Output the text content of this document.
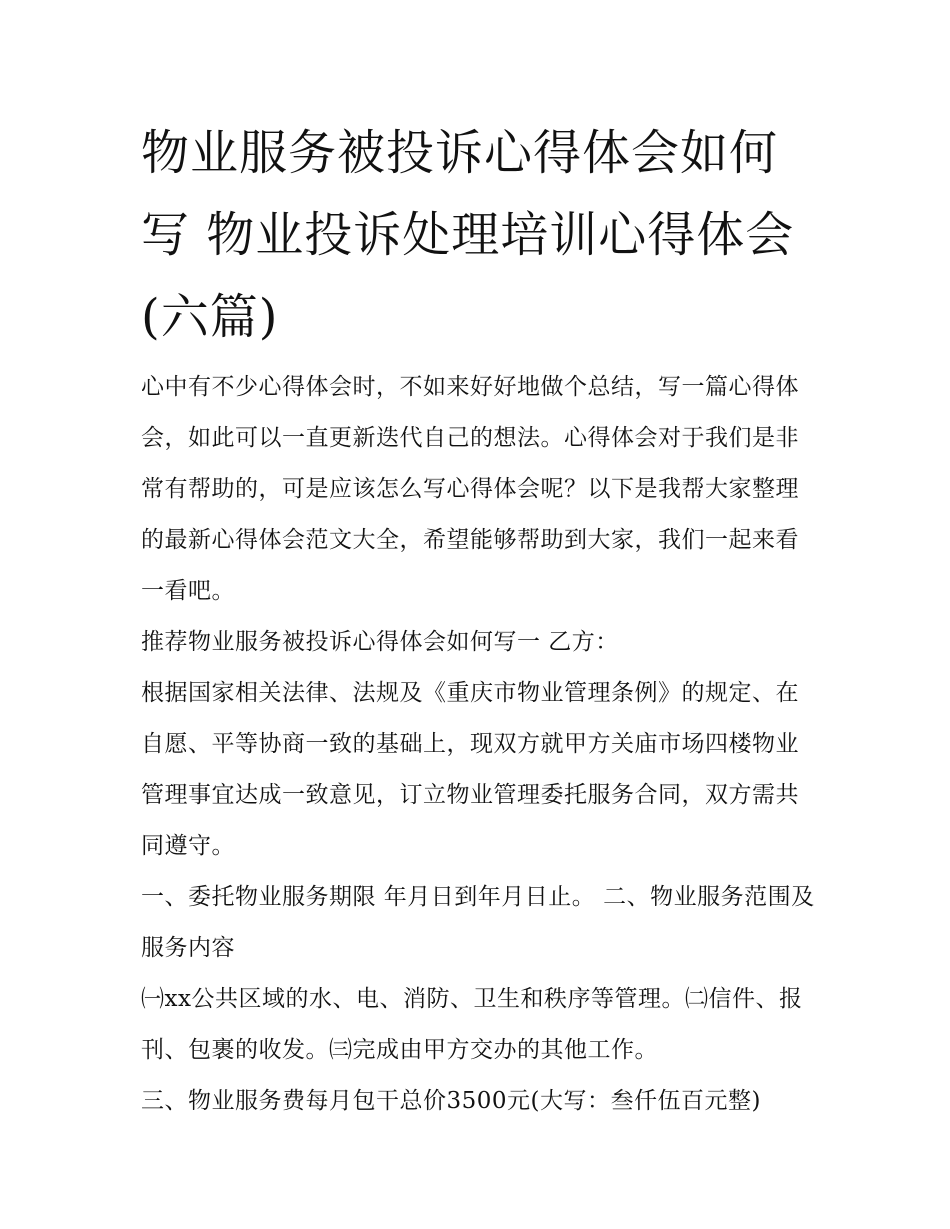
物业服务被投诉心得体会如何写 物业投诉处理培训心得体会(六篇)

心中有不少心得体会时，不如来好好地做个总结，写一篇心得体会，如此可以一直更新迭代自己的想法。心得体会对于我们是非常有帮助的，可是应该怎么写心得体会呢？以下是我帮大家整理的最新心得体会范文大全，希望能够帮助到大家，我们一起来看一看吧。

推荐物业服务被投诉心得体会如何写一 乙方：

根据国家相关法律、法规及《重庆市物业管理条例》的规定、在自愿、平等协商一致的基础上，现双方就甲方关庙市场四楼物业管理事宜达成一致意见，订立物业管理委托服务合同，双方需共同遵守。

一、委托物业服务期限 年月日到年月日止。 二、物业服务范围及服务内容

㈠xx公共区域的水、电、消防、卫生和秩序等管理。㈡信件、报刊、包裹的收发。㈢完成由甲方交办的其他工作。

三、物业服务费每月包干总价3500元(大写：叁仟伍百元整)
